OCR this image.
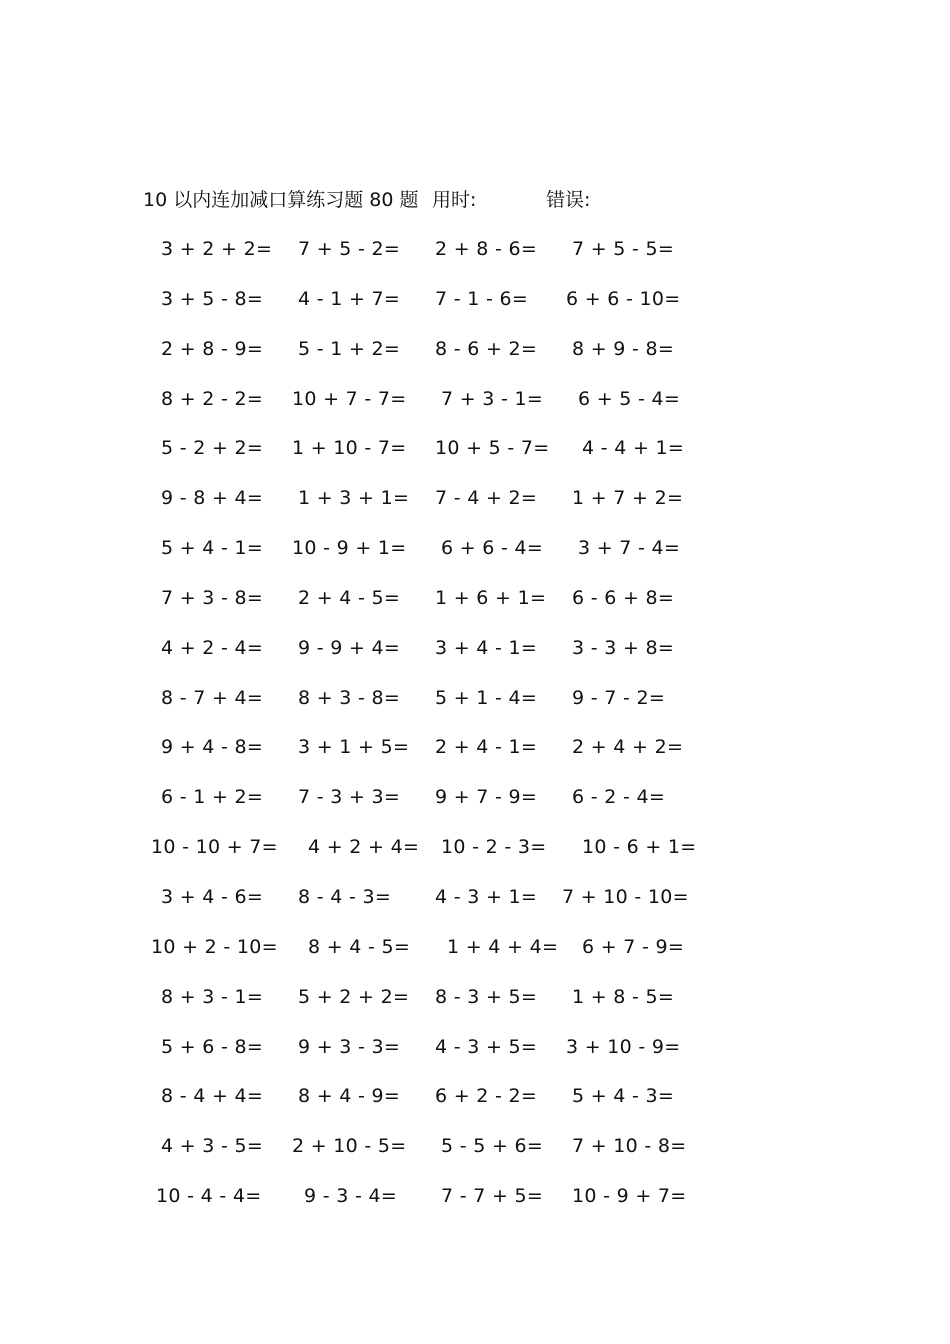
10 以内连加减口算练习题 80 题 用时:	错误:
3 + 2 + 2= 7 + 5 - 2= 2 + 8 - 6= 7 + 5 - 5=
3 + 5 - 8= 4 - 1 + 7= 7 - 1 - 6= 6 + 6 - 10=
2 + 8 - 9= 5 - 1 + 2= 8 - 6 + 2= 8 + 9 - 8=
8 + 2 - 2= 10 + 7 - 7= 7 + 3 - 1= 6 + 5 - 4=
5 - 2 + 2= 1 + 10 - 7= 10 + 5 - 7= 4 - 4 + 1=
9 - 8 + 4= 1 + 3 + 1= 7 - 4 + 2= 1 + 7 + 2=
5 + 4 - 1= 10 - 9 + 1= 6 + 6 - 4= 3 + 7 - 4=
7 + 3 - 8= 2 + 4 - 5= 1 + 6 + 1= 6 - 6 + 8=
4 + 2 - 4= 9 - 9 + 4= 3 + 4 - 1= 3 - 3 + 8=
8 - 7 + 4= 8 + 3 - 8= 5 + 1 - 4= 9 - 7 - 2=
9 + 4 - 8= 3 + 1 + 5= 2 + 4 - 1= 2 + 4 + 2=
6 - 1 + 2= 7 - 3 + 3= 9 + 7 - 9= 6 - 2 - 4=
10 - 10 + 7= 4 + 2 + 4= 10 - 2 - 3= 10 - 6 + 1=
3 + 4 - 6= 8 - 4 - 3= 4 - 3 + 1= 7 + 10 - 10=
10 + 2 - 10= 8 + 4 - 5= 1 + 4 + 4= 6 + 7 - 9=
8 + 3 - 1= 5 + 2 + 2= 8 - 3 + 5= 1 + 8 - 5=
5 + 6 - 8= 9 + 3 - 3= 4 - 3 + 5= 3 + 10 - 9=
8 - 4 + 4= 8 + 4 - 9= 6 + 2 - 2= 5 + 4 - 3=
4 + 3 - 5= 2 + 10 - 5= 5 - 5 + 6= 7 + 10 - 8=
10 - 4 - 4= 9 - 3 - 4= 7 - 7 + 5= 10 - 9 + 7=
